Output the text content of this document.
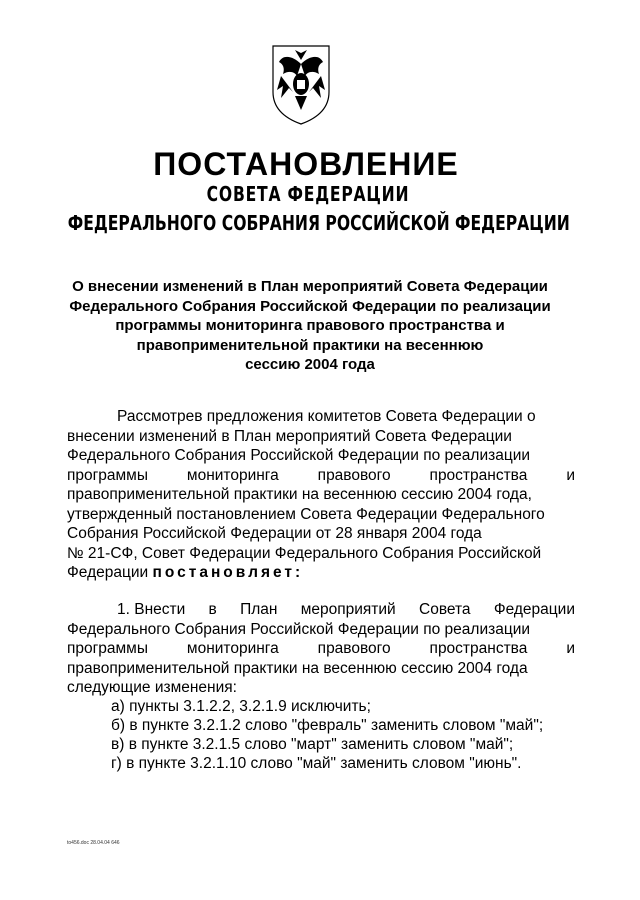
ПОСТАНОВЛЕНИЕ
СОВЕТА ФЕДЕРАЦИИ
ФЕДЕРАЛЬНОГО СОБРАНИЯ РОССИЙСКОЙ ФЕДЕРАЦИИ
О внесении изменений в План мероприятий Совета Федерации
Федерального Собрания Российской Федерации по реализации
программы мониторинга правового пространства и
правоприменительной практики на весеннюю
сессию 2004 года
Рассмотрев предложения комитетов Совета Федерации о
внесении изменений в План мероприятий Совета Федерации
Федерального Собрания Российской Федерации по реализации
программы	мониторинга	правового	пространства	и
правоприменительной практики на весеннюю сессию 2004 года,
утвержденный постановлением Совета Федерации Федерального
Собрания Российской Федерации от 28 января 2004 года
№ 21-СФ, Совет Федерации Федерального Собрания Российской
Федерации постановляет:
1. Внести в План мероприятий Совета Федерации
Федерального Собрания Российской Федерации по реализации
программы	мониторинга	правового	пространства	и
правоприменительной практики на весеннюю сессию 2004 года
следующие изменения:
а) пункты 3.1.2.2, 3.2.1.9 исключить;
б) в пункте 3.2.1.2 слово "февраль" заменить словом "май";
в) в пункте 3.2.1.5 слово "март" заменить словом "май";
г) в пункте 3.2.1.10 слово "май" заменить словом "июнь".
to456.doc 28.04.04 646
